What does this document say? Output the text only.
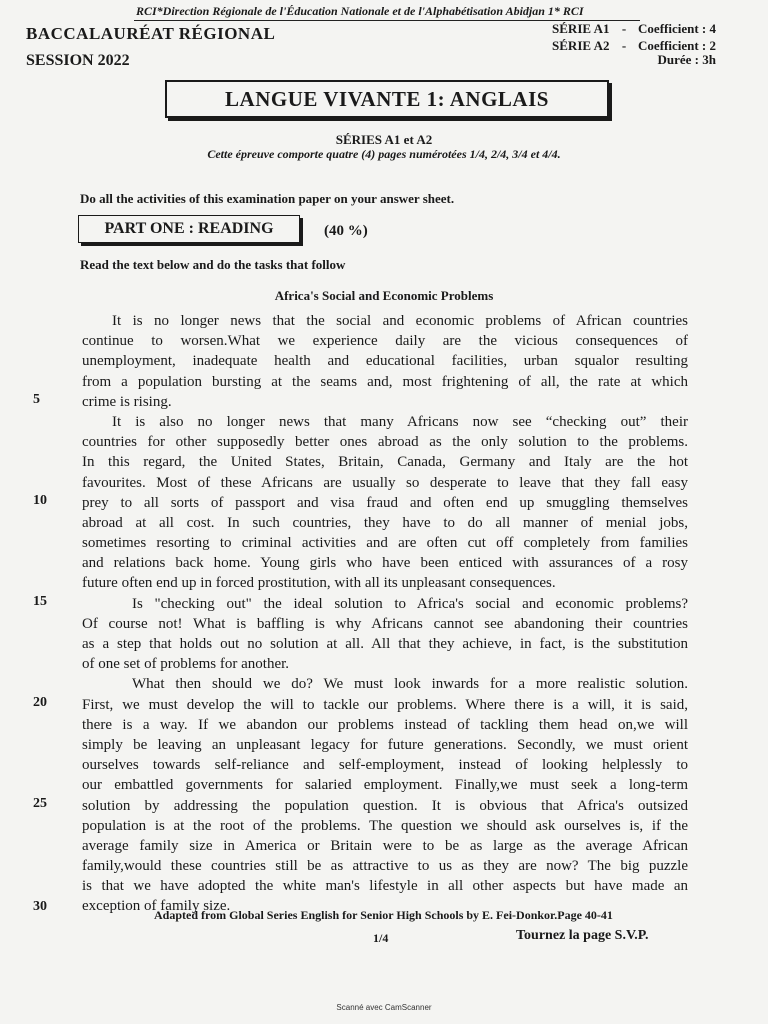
RCI*Direction Régionale de l'Éducation Nationale et de l'Alphabétisation Abidjan 1* RCI
BACCALAURÉAT RÉGIONAL
SESSION 2022
SÉRIE A1 - Coefficient : 4
SÉRIE A2 - Coefficient : 2
Durée : 3h
LANGUE VIVANTE 1: ANGLAIS
SÉRIES A1 et A2
Cette épreuve comporte quatre (4) pages numérotées 1/4, 2/4, 3/4 et 4/4.
Do all the activities of this examination paper on your answer sheet.
PART ONE : READING	(40 %)
Read the text below and do the tasks that follow
Africa's Social and Economic Problems
It is no longer news that the social and economic problems of African countries
continue to worsen.What we experience daily are the vicious consequences of
unemployment, inadequate health and educational facilities, urban squalor resulting
from a population bursting at the seams and, most frightening of all, the rate at which
crime is rising.
It is also no longer news that many Africans now see “checking out” their
countries for other supposedly better ones abroad as the only solution to the problems.
In this regard, the United States, Britain, Canada, Germany and Italy are the hot
favourites. Most of these Africans are usually so desperate to leave that they fall easy
prey to all sorts of passport and visa fraud and often end up smuggling themselves
abroad at all cost. In such countries, they have to do all manner of menial jobs,
sometimes resorting to criminal activities and are often cut off completely from families
and relations back home. Young girls who have been enticed with assurances of a rosy
future often end up in forced prostitution, with all its unpleasant consequences.
Is "checking out" the ideal solution to Africa's social and economic problems?
Of course not! What is baffling is why Africans cannot see abandoning their countries
as a step that holds out no solution at all. All that they achieve, in fact, is the substitution
of one set of problems for another.
What then should we do? We must look inwards for a more realistic solution.
First, we must develop the will to tackle our problems. Where there is a will, it is said,
there is a way. If we abandon our problems instead of tackling them head on,we will
simply be leaving an unpleasant legacy for future generations. Secondly, we must orient
ourselves towards self-reliance and self-employment, instead of looking helplessly to
our embattled governments for salaried employment. Finally,we must seek a long-term
solution by addressing the population question. It is obvious that Africa's outsized
population is at the root of the problems. The question we should ask ourselves is, if the
average family size in America or Britain were to be as large as the average African
family,would these countries still be as attractive to us as they are now? The big puzzle
is that we have adopted the white man's lifestyle in all other aspects but have made an
exception of family size.
5
10
15
20
25
30
Adapted from Global Series English for Senior High Schools by E. Fei-Donkor.Page 40-41
1/4	Tournez la page S.V.P.
Scanné avec CamScanner
